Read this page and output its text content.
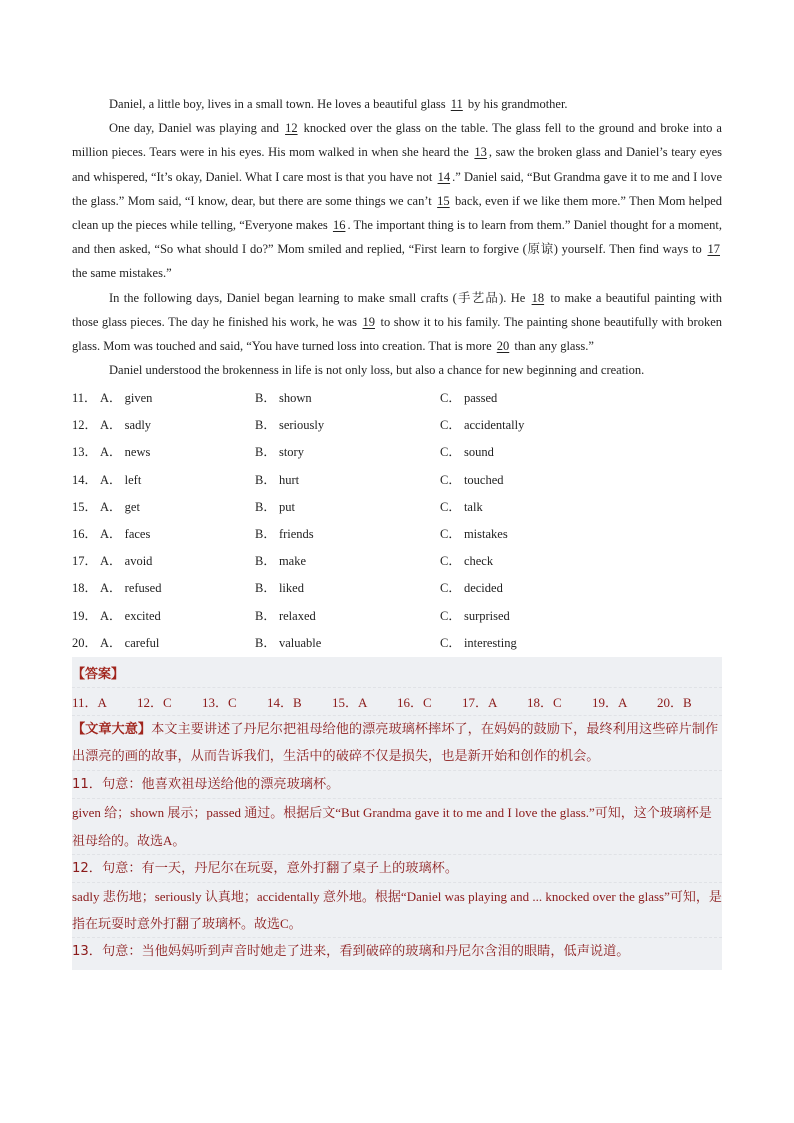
Daniel, a little boy, lives in a small town. He loves a beautiful glass 11 by his grandmother.

One day, Daniel was playing and 12 knocked over the glass on the table. The glass fell to the ground and broke into a million pieces. Tears were in his eyes. His mom walked in when she heard the 13, saw the broken glass and Daniel’s teary eyes and whispered, “It’s okay, Daniel. What I care most is that you have not 14.” Daniel said, “But Grandma gave it to me and I love the glass.” Mom said, “I know, dear, but there are some things we can’t 15 back, even if we like them more.” Then Mom helped clean up the pieces while telling, “Everyone makes 16. The important thing is to learn from them.” Daniel thought for a moment, and then asked, “So what should I do?” Mom smiled and replied, “First learn to forgive (原谅) yourself. Then find ways to 17 the same mistakes.”

In the following days, Daniel began learning to make small crafts (手艺品). He 18 to make a beautiful painting with those glass pieces. The day he finished his work, he was 19 to show it to his family. The painting shone beautifully with broken glass. Mom was touched and said, “You have turned loss into creation. That is more 20 than any glass.”

Daniel understood the brokenness in life is not only loss, but also a chance for new beginning and creation.

11． A． given	B． shown	C． passed
12． A． sadly	B． seriously	C． accidentally
13． A． news	B． story	C． sound
14． A． left	B． hurt	C． touched
15． A． get	B． put	C． talk
16． A． faces	B． friends	C． mistakes
17． A． avoid	B． make	C． check
18． A． refused	B． liked	C． decided
19． A． excited	B． relaxed	C． surprised
20． A． careful	B． valuable	C． interesting
【答案】
11．A	12．C	13．C	14．B	15．A	16．C	17．A	18．C	19．A	20．B

【文章大意】本文主要讲述了丹尼尔把祖母给他的漂亮玻璃杯摔坏了，在妈妈的鼓励下，最终利用这些碎片制作出漂亮的画的故事，从而告诉我们，生活中的破碎不仅是损失，也是新开始和创作的机会。

11．句意：他喜欢祖母送给他的漂亮玻璃杯。

given 给；shown 展示；passed 通过。根据后文“But Grandma gave it to me and I love the glass.”可知，这个玻璃杯是祖母给的。故选A。

12．句意：有一天，丹尼尔在玩耍，意外打翻了桌子上的玻璃杯。

sadly 悲伤地；seriously 认真地；accidentally 意外地。根据“Daniel was playing and ... knocked over the glass”可知，是指在玩耍时意外打翻了玻璃杯。故选C。

13．句意：当他妈妈听到声音时她走了进来，看到破碎的玻璃和丹尼尔含泪的眼睛，低声说道。
